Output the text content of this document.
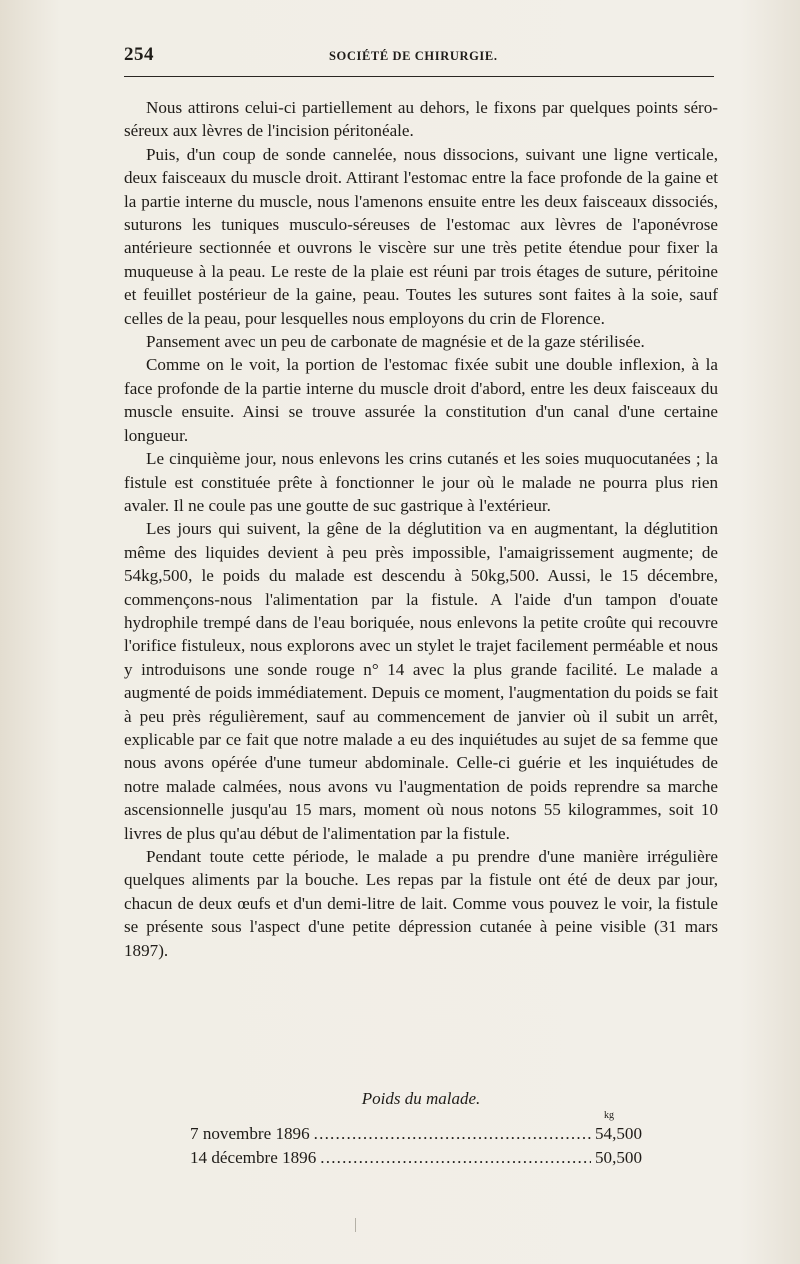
254	SOCIÉTÉ DE CHIRURGIE.

Nous attirons celui-ci partiellement au dehors, le fixons par quelques points séro-séreux aux lèvres de l'incision péritonéale.

Puis, d'un coup de sonde cannelée, nous dissocions, suivant une ligne verticale, deux faisceaux du muscle droit. Attirant l'estomac entre la face profonde de la gaine et la partie interne du muscle, nous l'amenons ensuite entre les deux faisceaux dissociés, suturons les tuniques musculo-séreuses de l'estomac aux lèvres de l'aponévrose antérieure sectionnée et ouvrons le viscère sur une très petite étendue pour fixer la muqueuse à la peau. Le reste de la plaie est réuni par trois étages de suture, péritoine et feuillet postérieur de la gaine, peau. Toutes les sutures sont faites à la soie, sauf celles de la peau, pour lesquelles nous employons du crin de Florence.

Pansement avec un peu de carbonate de magnésie et de la gaze stérilisée.

Comme on le voit, la portion de l'estomac fixée subit une double inflexion, à la face profonde de la partie interne du muscle droit d'abord, entre les deux faisceaux du muscle ensuite. Ainsi se trouve assurée la constitution d'un canal d'une certaine longueur.

Le cinquième jour, nous enlevons les crins cutanés et les soies muquocutanées ; la fistule est constituée prête à fonctionner le jour où le malade ne pourra plus rien avaler. Il ne coule pas une goutte de suc gastrique à l'extérieur.

Les jours qui suivent, la gêne de la déglutition va en augmentant, la déglutition même des liquides devient à peu près impossible, l'amaigrissement augmente; de 54kg,500, le poids du malade est descendu à 50kg,500. Aussi, le 15 décembre, commençons-nous l'alimentation par la fistule. A l'aide d'un tampon d'ouate hydrophile trempé dans de l'eau boriquée, nous enlevons la petite croûte qui recouvre l'orifice fistuleux, nous explorons avec un stylet le trajet facilement perméable et nous y introduisons une sonde rouge n° 14 avec la plus grande facilité. Le malade a augmenté de poids immédiatement. Depuis ce moment, l'augmentation du poids se fait à peu près régulièrement, sauf au commencement de janvier où il subit un arrêt, explicable par ce fait que notre malade a eu des inquiétudes au sujet de sa femme que nous avons opérée d'une tumeur abdominale. Celle-ci guérie et les inquiétudes de notre malade calmées, nous avons vu l'augmentation de poids reprendre sa marche ascensionnelle jusqu'au 15 mars, moment où nous notons 55 kilogrammes, soit 10 livres de plus qu'au début de l'alimentation par la fistule.

Pendant toute cette période, le malade a pu prendre d'une manière irrégulière quelques aliments par la bouche. Les repas par la fistule ont été de deux par jour, chacun de deux œufs et d'un demi-litre de lait. Comme vous pouvez le voir, la fistule se présente sous l'aspect d'une petite dépression cutanée à peine visible (31 mars 1897).

Poids du malade.
kg
7 novembre 1896 .....	54,500
14 décembre 1896 .....	50,500
